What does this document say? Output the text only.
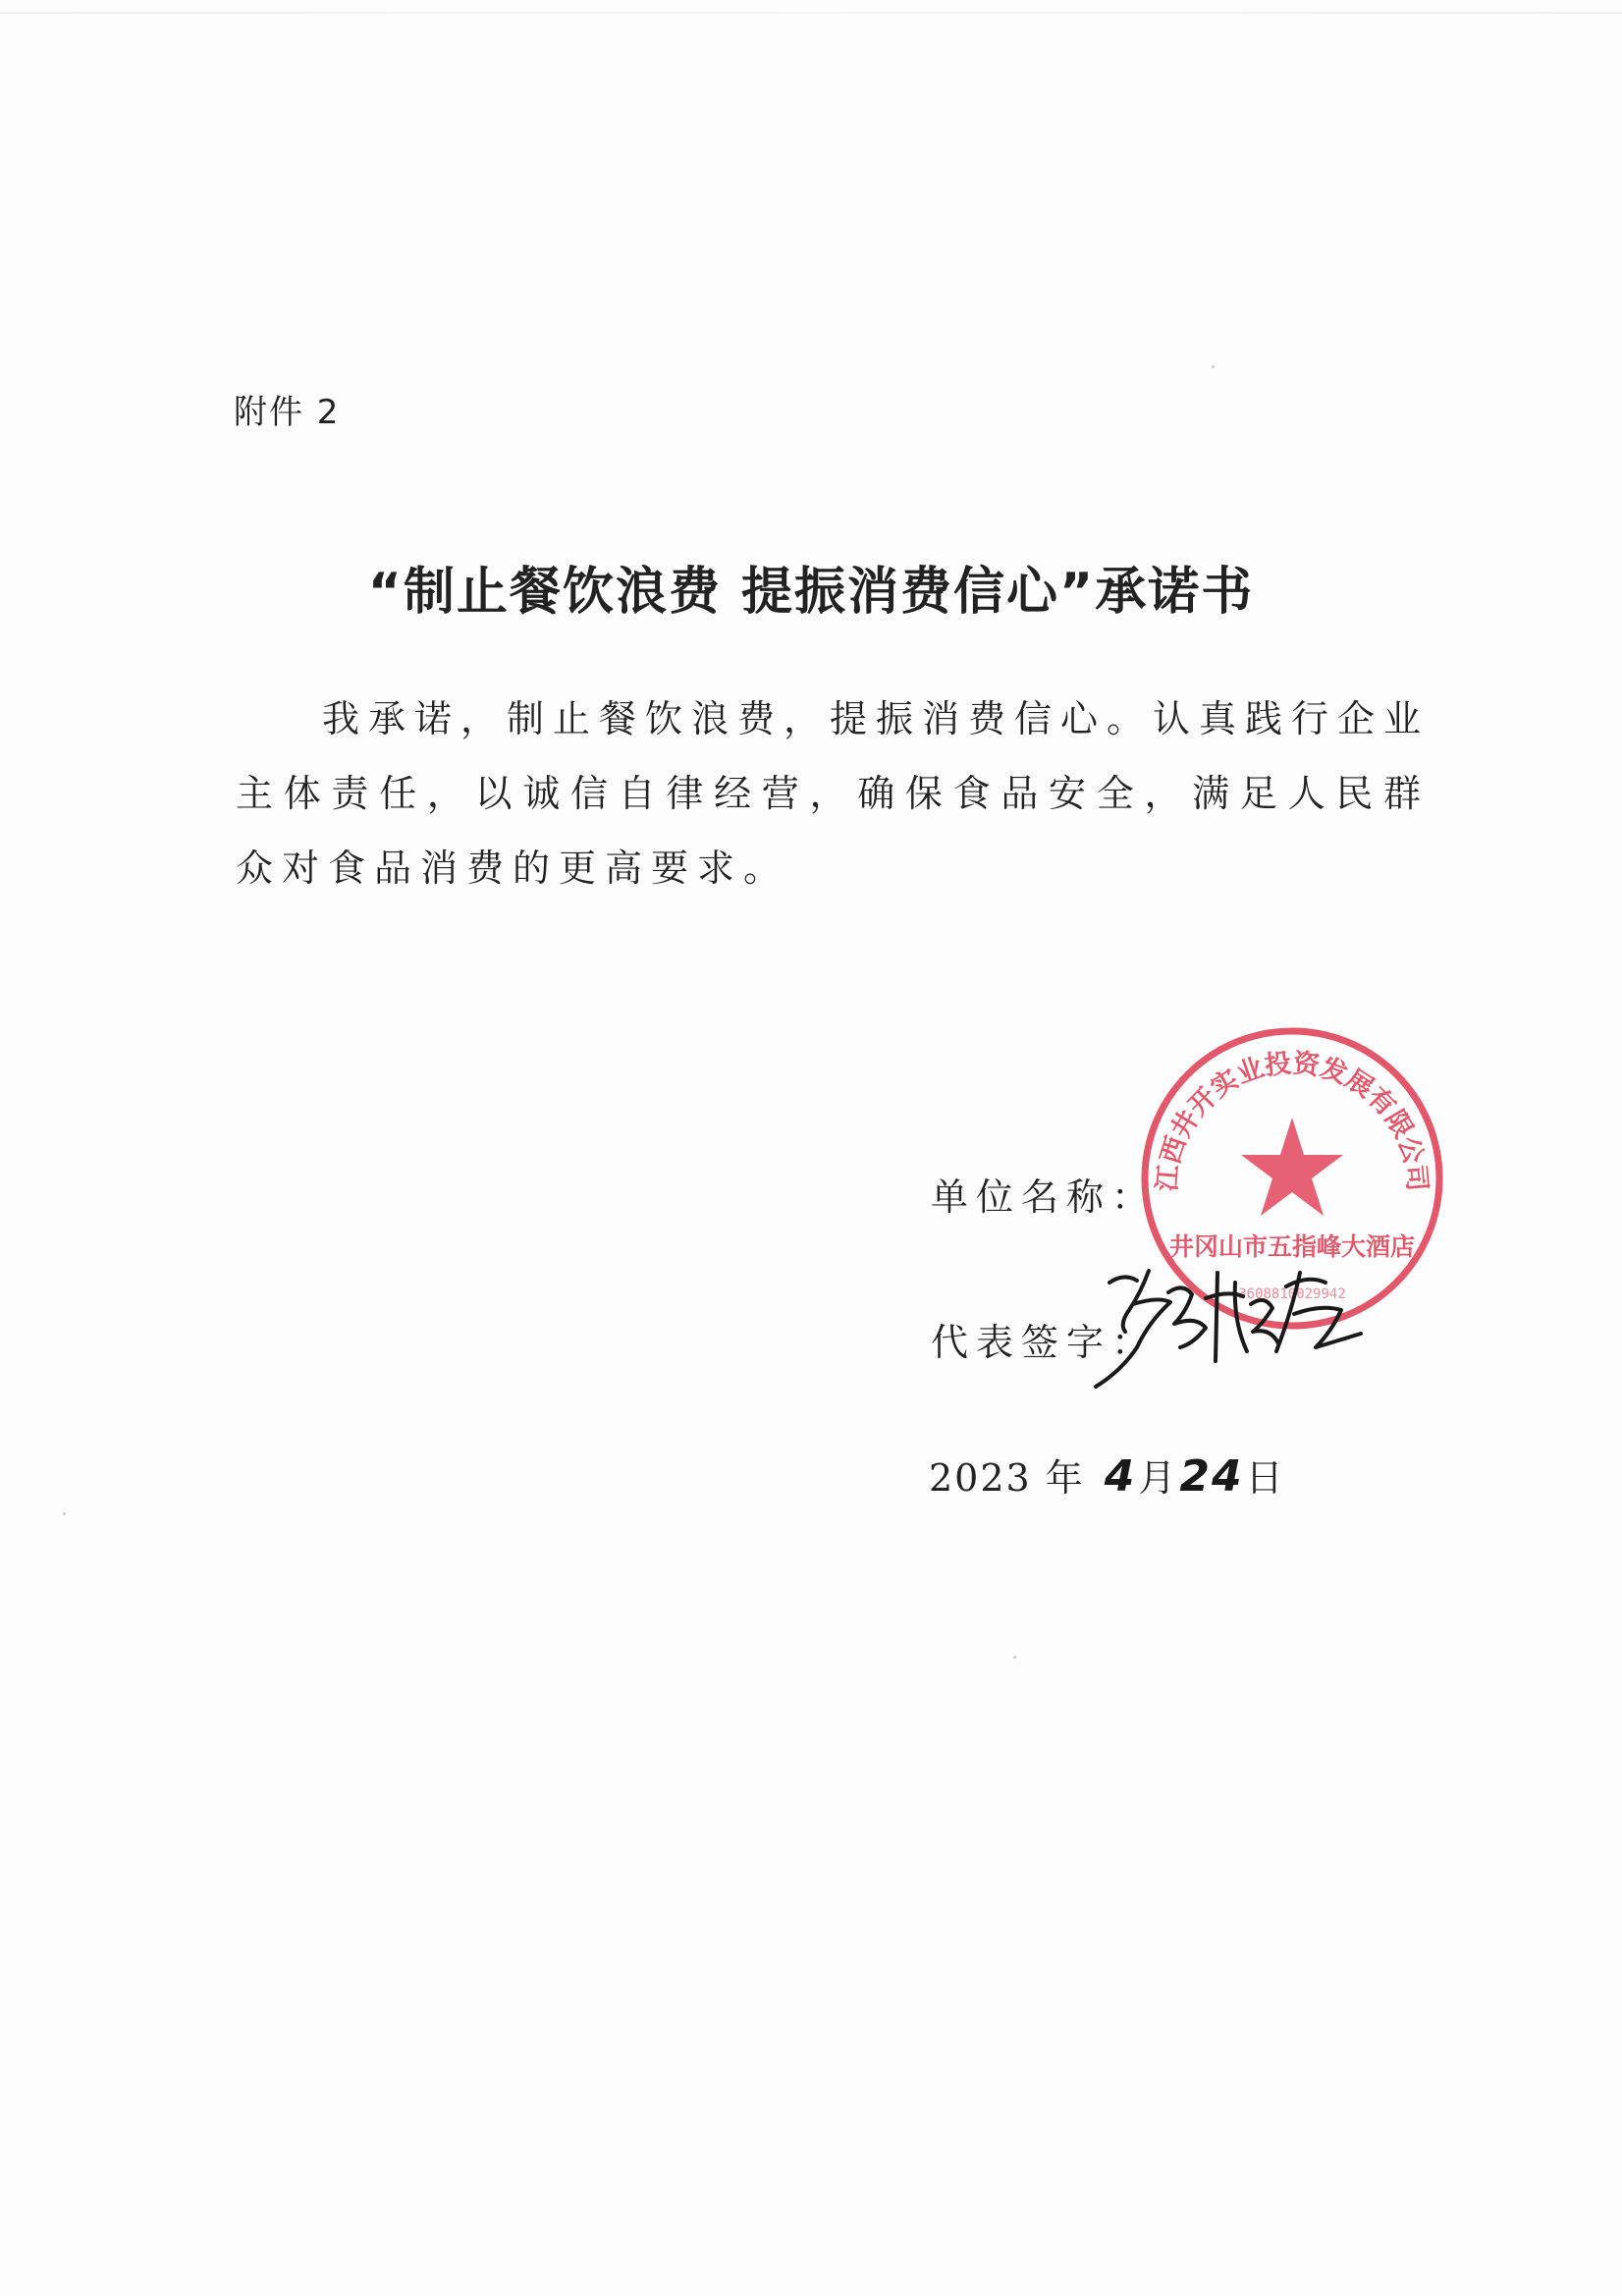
附件 2
“制止餐饮浪费 提振消费信心”承诺书
我承诺，制止餐饮浪费，提振消费信心。认真践行企业主体责任，以诚信自律经营，确保食品安全，满足人民群众对食品消费的更高要求。
单位名称：
代表签字：
2023 年 4 月 24 日
江西井开实业投资发展有限公司
井冈山市五指峰大酒店
3608810029942
